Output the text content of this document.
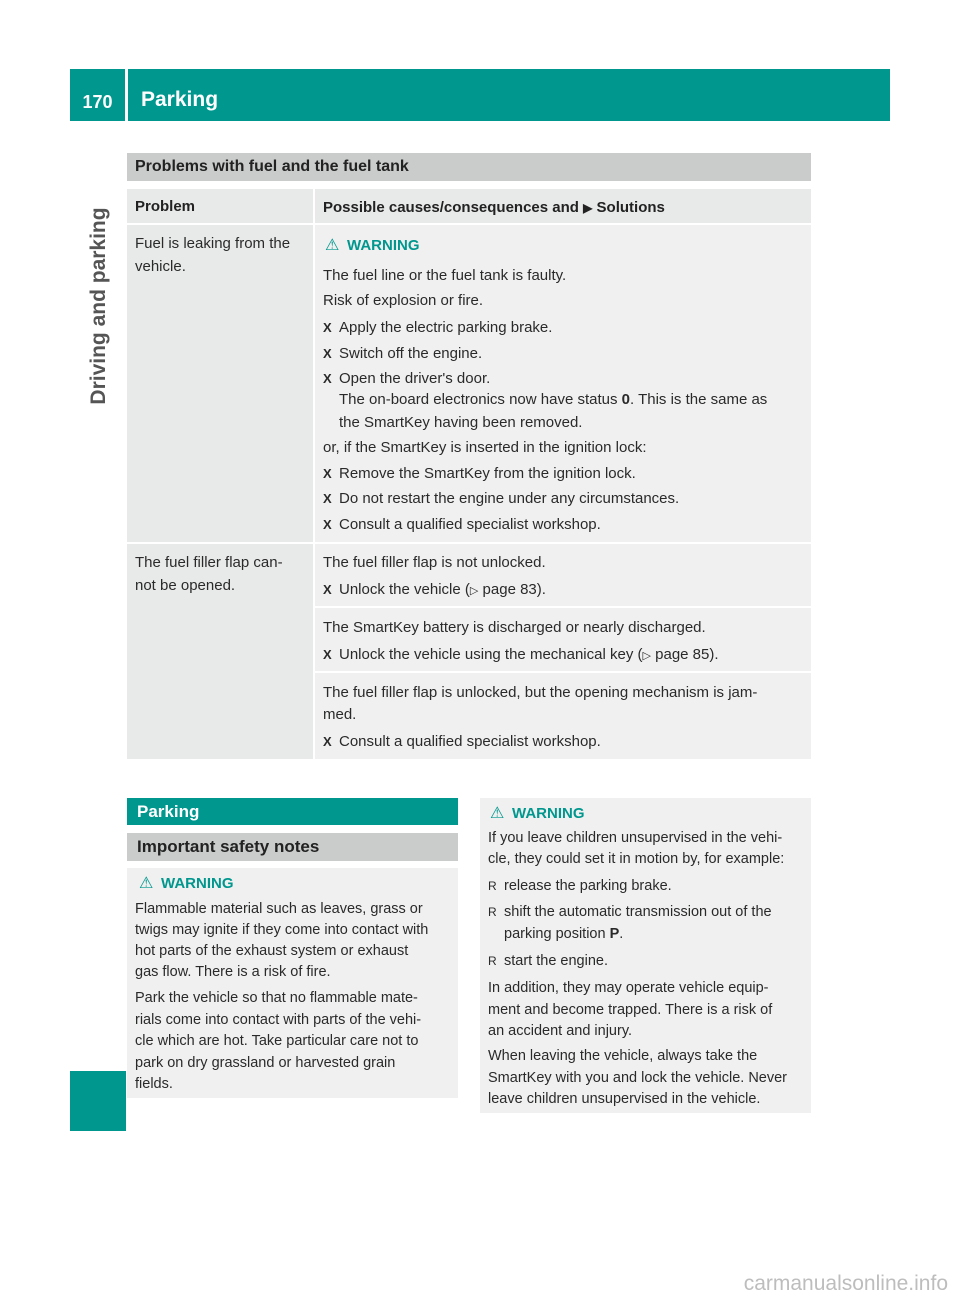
170	Parking
Driving and parking
Problems with fuel and the fuel tank
Problem	Possible causes/consequences and ▶ Solutions
Fuel is leaking from the
vehicle.
⚠ WARNING
The fuel line or the fuel tank is faulty.
Risk of explosion or fire.
X Apply the electric parking brake.
X Switch off the engine.
X Open the driver's door.
The on-board electronics now have status 0. This is the same as
the SmartKey having been removed.
or, if the SmartKey is inserted in the ignition lock:
X Remove the SmartKey from the ignition lock.
X Do not restart the engine under any circumstances.
X Consult a qualified specialist workshop.
The fuel filler flap can-
not be opened.
The fuel filler flap is not unlocked.
X Unlock the vehicle (▷ page 83).
The SmartKey battery is discharged or nearly discharged.
X Unlock the vehicle using the mechanical key (▷ page 85).
The fuel filler flap is unlocked, but the opening mechanism is jam-
med.
X Consult a qualified specialist workshop.
Parking
Important safety notes
⚠ WARNING
Flammable material such as leaves, grass or
twigs may ignite if they come into contact with
hot parts of the exhaust system or exhaust
gas flow. There is a risk of fire.
Park the vehicle so that no flammable mate-
rials come into contact with parts of the vehi-
cle which are hot. Take particular care not to
park on dry grassland or harvested grain
fields.
⚠ WARNING
If you leave children unsupervised in the vehi-
cle, they could set it in motion by, for example:
R release the parking brake.
R shift the automatic transmission out of the
parking position P.
R start the engine.
In addition, they may operate vehicle equip-
ment and become trapped. There is a risk of
an accident and injury.
When leaving the vehicle, always take the
SmartKey with you and lock the vehicle. Never
leave children unsupervised in the vehicle.
carmanualsonline.info
